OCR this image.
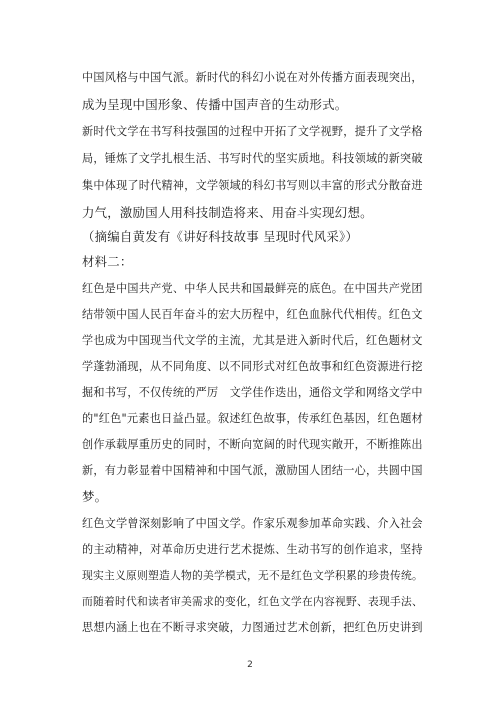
中国风格与中国气派。新时代的科幻小说在对外传播方面表现突出，
成为呈现中国形象、传播中国声音的生动形式。
新时代文学在书写科技强国的过程中开拓了文学视野，提升了文学格
局，锤炼了文学扎根生活、书写时代的坚实质地。科技领域的新突破
集中体现了时代精神，文学领域的科幻书写则以丰富的形式分散奋进
力气，激励国人用科技制造将来、用奋斗实现幻想。
（摘编自黄发有《讲好科技故事 呈现时代风采》）
材料二：
红色是中国共产党、中华人民共和国最鲜亮的底色。在中国共产党团
结带领中国人民百年奋斗的宏大历程中，红色血脉代代相传。红色文
学也成为中国现当代文学的主流，尤其是进入新时代后，红色题材文
学蓬勃涌现，从不同角度、以不同形式对红色故事和红色资源进行挖
掘和书写，不仅传统的严厉　文学佳作迭出，通俗文学和网络文学中
的"红色"元素也日益凸显。叙述红色故事，传承红色基因，红色题材
创作承载厚重历史的同时，不断向宽阔的时代现实敞开，不断推陈出
新，有力彰显着中国精神和中国气派，激励国人团结一心，共圆中国
梦。
红色文学曾深刻影响了中国文学。作家乐观参加革命实践、介入社会
的主动精神，对革命历史进行艺术提炼、生动书写的创作追求，坚持
现实主义原则塑造人物的美学模式，无不是红色文学积累的珍贵传统。
而随着时代和读者审美需求的变化，红色文学在内容视野、表现手法、
思想内涵上也在不断寻求突破，力图通过艺术创新，把红色历史讲到
2
